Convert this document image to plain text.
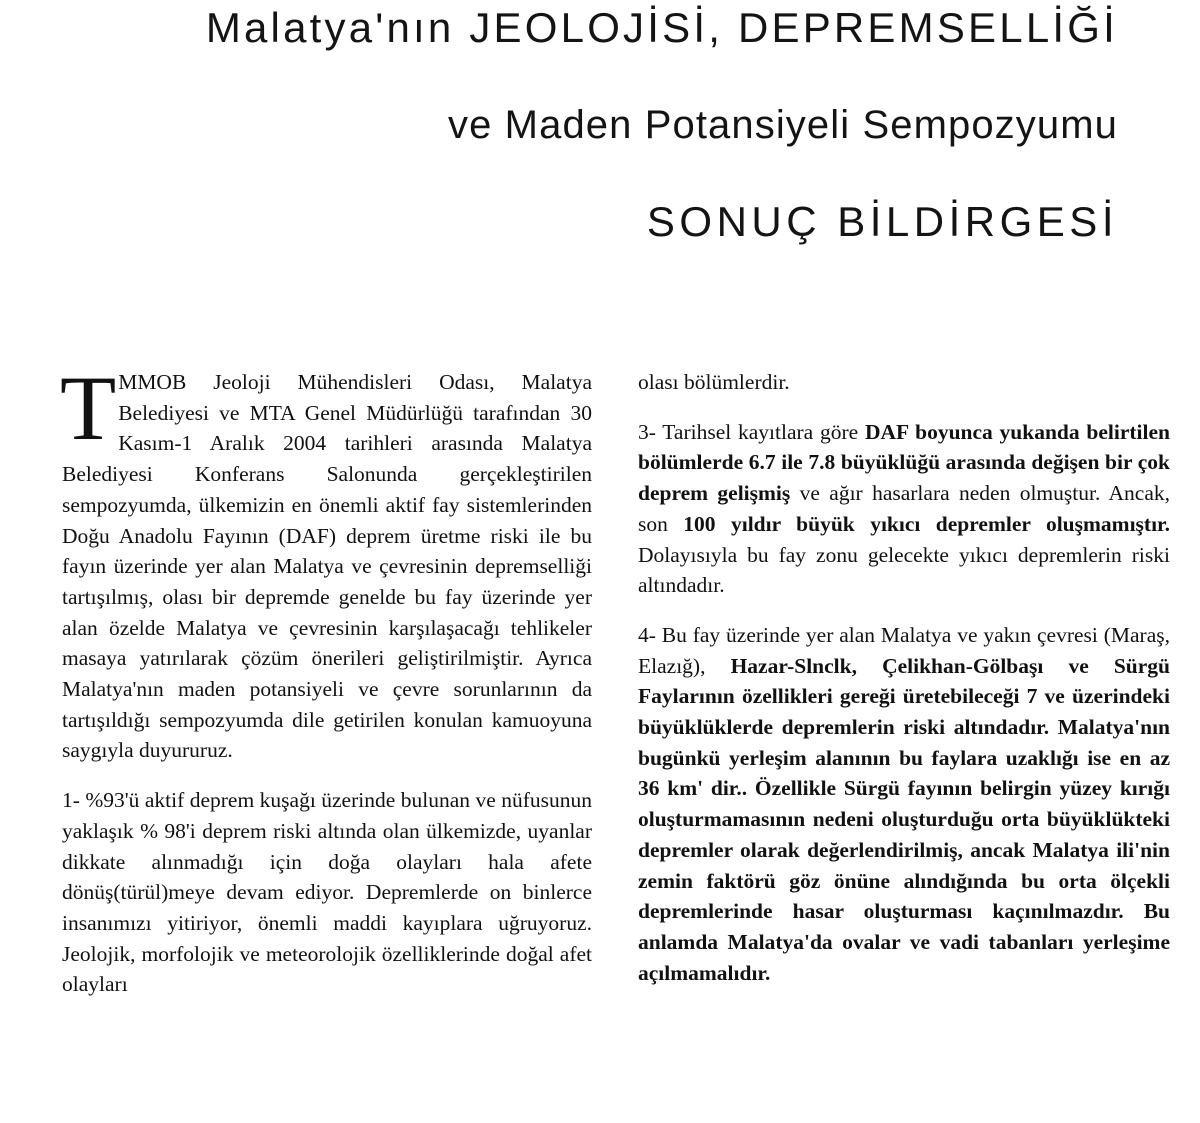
Malatya'nın JEOLOJİSİ, DEPREMSELLİĞİ
ve Maden Potansiyeli Sempozyumu
SONUÇ BİLDİRGESİ

TMMOB Jeoloji Mühendisleri Odası, Malatya Belediyesi ve MTA Genel Müdürlüğü tarafından 30 Kasım-1 Aralık 2004 tarihleri arasında Malatya Belediyesi Konferans Salonunda gerçekleştirilen sempozyumda, ülkemizin en önemli aktif fay sistemlerinden Doğu Anadolu Fayının (DAF) deprem üretme riski ile bu fayın üzerinde yer alan Malatya ve çevresinin depremselliği tartışılmış, olası bir depremde genelde bu fay üzerinde yer alan özelde Malatya ve çevresinin karşılaşacağı tehlikeler masaya yatırılarak çözüm önerileri geliştirilmiştir. Ayrıca Malatya'nın maden potansiyeli ve çevre sorunlarının da tartışıldığı sempozyumda dile getirilen konulan kamuoyuna saygıyla duyururuz.

1- %93'ü aktif deprem kuşağı üzerinde bulunan ve nüfusunun yaklaşık % 98'i deprem riski altında olan ülkemizde, uyanlar dikkate alınmadığı için doğa olayları hala afete dönüş(türül)meye devam ediyor. Depremlerde on binlerce insanımızı yitiriyor, önemli maddi kayıplara uğruyoruz. Jeolojik, morfolojik ve meteorolojik özelliklerinde doğal afet olayları

olası bölümlerdir.

3- Tarihsel kayıtlara göre DAF boyunca yukanda belirtilen bölümlerde 6.7 ile 7.8 büyüklüğü arasında değişen bir çok deprem gelişmiş ve ağır hasarlara neden olmuştur. Ancak, son 100 yıldır büyük yıkıcı depremler oluşmamıştır. Dolayısıyla bu fay zonu gelecekte yıkıcı depremlerin riski altındadır.

4- Bu fay üzerinde yer alan Malatya ve yakın çevresi (Maraş, Elazığ), Hazar-Slnclk, Çelikhan-Gölbaşı ve Sürgü Faylarının özellikleri gereği üretebileceği 7 ve üzerindeki büyüklüklerde depremlerin riski altındadır. Malatya'nın bugünkü yerleşim alanının bu faylara uzaklığı ise en az 36 km' dir.. Özellikle Sürgü fayının belirgin yüzey kırığı oluşturmamasının nedeni oluşturduğu orta büyüklükteki depremler olarak değerlendirilmiş, ancak Malatya ili'nin zemin faktörü göz önüne alındığında bu orta ölçekli depremlerinde hasar oluşturması kaçınılmazdır. Bu anlamda Malatya'da ovalar ve vadi tabanları yerleşime açılmamalıdır.
